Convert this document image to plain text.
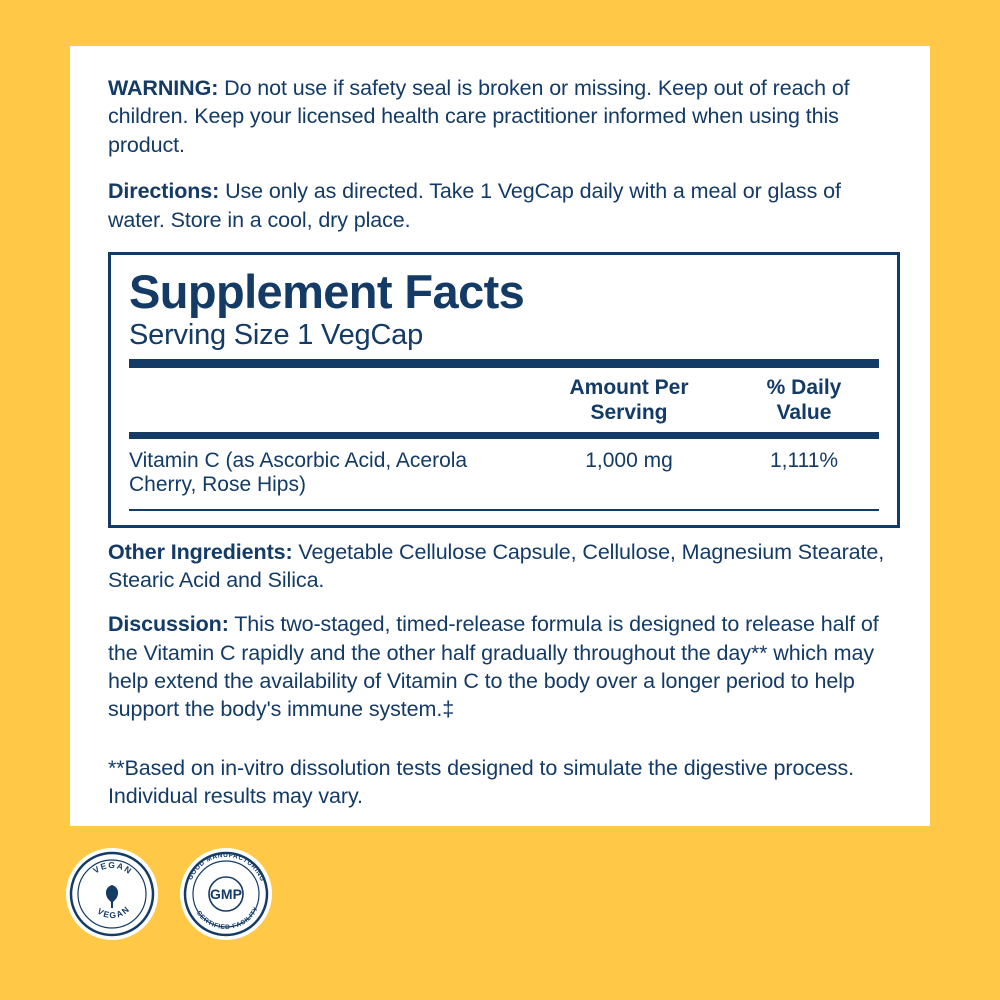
WARNING: Do not use if safety seal is broken or missing. Keep out of reach of children. Keep your licensed health care practitioner informed when using this product.

Directions: Use only as directed. Take 1 VegCap daily with a meal or glass of water. Store in a cool, dry place.

Supplement Facts
Serving Size 1 VegCap
Amount Per
Serving
% Daily
Value
Vitamin C (as Ascorbic Acid, Acerola Cherry, Rose Hips)
1,000 mg	1,111%

Other Ingredients: Vegetable Cellulose Capsule, Cellulose, Magnesium Stearate, Stearic Acid and Silica.

Discussion: This two-staged, timed-release formula is designed to release half of the Vitamin C rapidly and the other half gradually throughout the day** which may help extend the availability of Vitamin C to the body over a longer period to help support the body's immune system.‡

**Based on in-vitro dissolution tests designed to simulate the digestive process. Individual results may vary.

VEGAN
VEGAN
GMP
GOOD MANUFACTURING
CERTIFIED FACILITY
